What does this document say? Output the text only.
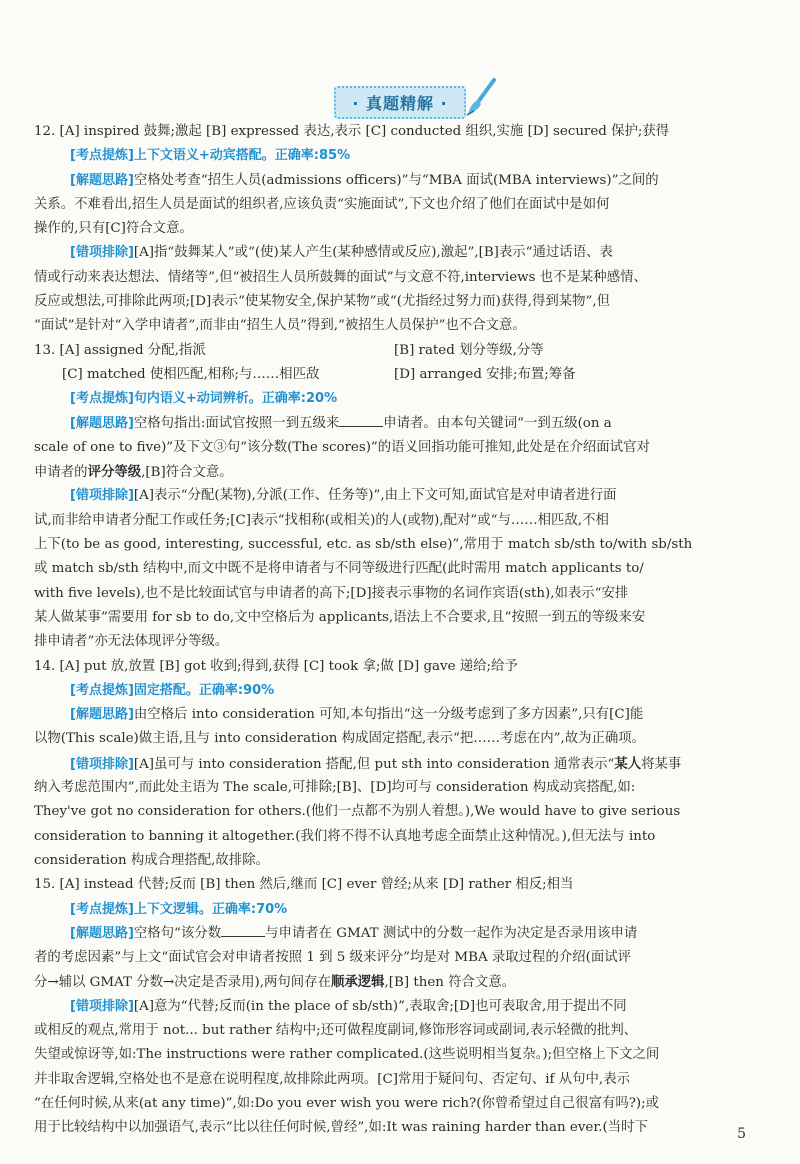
· 真题精解 ·
12. [A] inspired 鼓舞;激起 [B] expressed 表达,表示 [C] conducted 组织,实施 [D] secured 保护;获得
[考点提炼]上下文语义+动宾搭配。正确率:85%
[解题思路]空格处考查“招生人员(admissions officers)”与“MBA 面试(MBA interviews)”之间的
关系。不难看出,招生人员是面试的组织者,应该负责“实施面试”,下文也介绍了他们在面试中是如何
操作的,只有[C]符合文意。
[错项排除][A]指“鼓舞某人”或“(使)某人产生(某种感情或反应),激起”,[B]表示“通过话语、表
情或行动来表达想法、情绪等”,但“被招生人员所鼓舞的面试”与文意不符,interviews 也不是某种感情、
反应或想法,可排除此两项;[D]表示“使某物安全,保护某物”或“(尤指经过努力而)获得,得到某物”,但
“面试”是针对“入学申请者”,而非由“招生人员”得到,“被招生人员保护”也不合文意。
13. [A] assigned 分配,指派	[B] rated 划分等级,分等
[C] matched 使相匹配,相称;与……相匹敌	[D] arranged 安排;布置;筹备
[考点提炼]句内语义+动词辨析。正确率:20%
[解题思路]空格句指出:面试官按照一到五级来	申请者。由本句关键词“一到五级(on a
scale of one to five)”及下文③句“该分数(The scores)”的语义回指功能可推知,此处是在介绍面试官对
申请者的评分等级,[B]符合文意。
[错项排除][A]表示“分配(某物),分派(工作、任务等)”,由上下文可知,面试官是对申请者进行面
试,而非给申请者分配工作或任务;[C]表示“找相称(或相关)的人(或物),配对”或“与……相匹敌,不相
上下(to be as good, interesting, successful, etc. as sb/sth else)”,常用于 match sb/sth to/with sb/sth
或 match sb/sth 结构中,而文中既不是将申请者与不同等级进行匹配(此时需用 match applicants to/
with five levels),也不是比较面试官与申请者的高下;[D]接表示事物的名词作宾语(sth),如表示“安排
某人做某事”需要用 for sb to do,文中空格后为 applicants,语法上不合要求,且“按照一到五的等级来安
排申请者”亦无法体现评分等级。
14. [A] put 放,放置 [B] got 收到;得到,获得 [C] took 拿;做 [D] gave 递给;给予
[考点提炼]固定搭配。正确率:90%
[解题思路]由空格后 into consideration 可知,本句指出“这一分级考虑到了多方因素”,只有[C]能
以物(This scale)做主语,且与 into consideration 构成固定搭配,表示“把……考虑在内”,故为正确项。
[错项排除][A]虽可与 into consideration 搭配,但 put sth into consideration 通常表示“某人将某事
纳入考虑范围内”,而此处主语为 The scale,可排除;[B]、[D]均可与 consideration 构成动宾搭配,如:
They've got no consideration for others.(他们一点都不为别人着想。),We would have to give serious
consideration to banning it altogether.(我们将不得不认真地考虑全面禁止这种情况。),但无法与 into
consideration 构成合理搭配,故排除。
15. [A] instead 代替;反而 [B] then 然后,继而 [C] ever 曾经;从来 [D] rather 相反;相当
[考点提炼]上下文逻辑。正确率:70%
[解题思路]空格句“该分数	与申请者在 GMAT 测试中的分数一起作为决定是否录用该申请
者的考虑因素”与上文“面试官会对申请者按照 1 到 5 级来评分”均是对 MBA 录取过程的介绍(面试评
分→辅以 GMAT 分数→决定是否录用),两句间存在顺承逻辑,[B] then 符合文意。
[错项排除][A]意为“代替;反而(in the place of sb/sth)”,表取舍;[D]也可表取舍,用于提出不同
或相反的观点,常用于 not... but rather 结构中;还可做程度副词,修饰形容词或副词,表示轻微的批判、
失望或惊讶等,如:The instructions were rather complicated.(这些说明相当复杂。);但空格上下文之间
并非取舍逻辑,空格处也不是意在说明程度,故排除此两项。[C]常用于疑问句、否定句、if 从句中,表示
“在任何时候,从来(at any time)”,如:Do you ever wish you were rich?(你曾希望过自己很富有吗?);或
用于比较结构中以加强语气,表示“比以往任何时候,曾经”,如:It was raining harder than ever.(当时下	5
